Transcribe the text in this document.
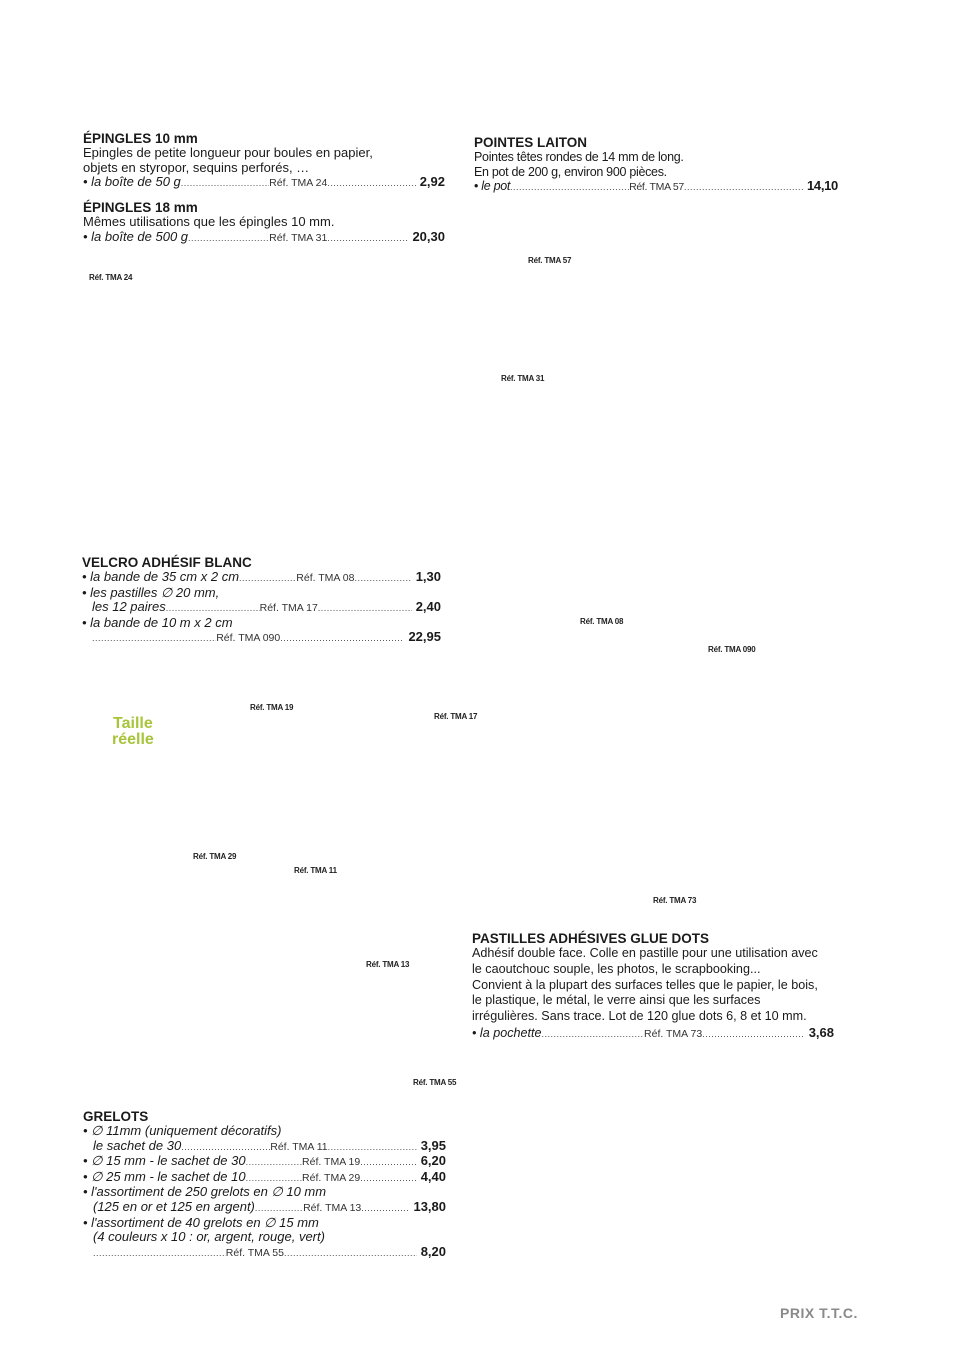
ÉPINGLES 10 mm
Epingles de petite longueur pour boules en papier,
objets en styropor, sequins perforés, …
• la boîte de 50 g .....	Réf. TMA 24 .....	2,92
ÉPINGLES 18 mm
Mêmes utilisations que les épingles 10 mm.
• la boîte de 500 g .....	Réf. TMA 31 .....	20,30
POINTES LAITON
Pointes têtes rondes de 14 mm de long.
En pot de 200 g, environ 900 pièces.
•
le pot .....	Réf. TMA 57 .....	14,10
VELCRO ADHÉSIF BLANC
• la bande de 35 cm x 2 cm .....	Réf. TMA 08 .....	1,30
• les pastilles ∅ 20 mm,
les 12 paires .....	Réf. TMA 17 .....	2,40
• la bande de 10 m x 2 cm
.....
Réf. TMA 090 .....	22,95
PASTILLES ADHÉSIVES GLUE DOTS
Adhésif double face. Colle en pastille pour une utilisation avec
le caoutchouc souple, les photos, le scrapbooking...
Convient à la plupart des surfaces telles que le papier, le bois,
le plastique, le métal, le verre ainsi que les surfaces
irrégulières. Sans trace. Lot de 120 glue dots 6, 8 et 10 mm.
• la pochette .....	Réf. TMA 73 .....	3,68
GRELOTS
• ∅ 11mm (uniquement décoratifs)
le sachet de 30 .....	Réf. TMA 11 .....	3,95
• ∅ 15 mm - le sachet de 30 .....	Réf. TMA 19 .....	6,20
• ∅ 25 mm - le sachet de 10 .....	Réf. TMA 29 .....	4,40
• l'assortiment de 250 grelots en ∅ 10 mm
(125 en or et 125 en argent) .....	Réf. TMA 13 .....	13,80
• l'assortiment de 40 grelots en ∅ 15 mm
(4 couleurs x 10 : or, argent, rouge, vert)
.....
Réf. TMA 55 .....	8,20
Réf. TMA 24
Réf. TMA 57
Réf. TMA 31
Réf. TMA 08
Réf. TMA 090
Réf. TMA 19
Réf. TMA 17
Réf. TMA 29
Réf. TMA 11
Réf. TMA 73
Réf. TMA 13
Réf. TMA 55
Taille
réelle
PRIX T.T.C.
